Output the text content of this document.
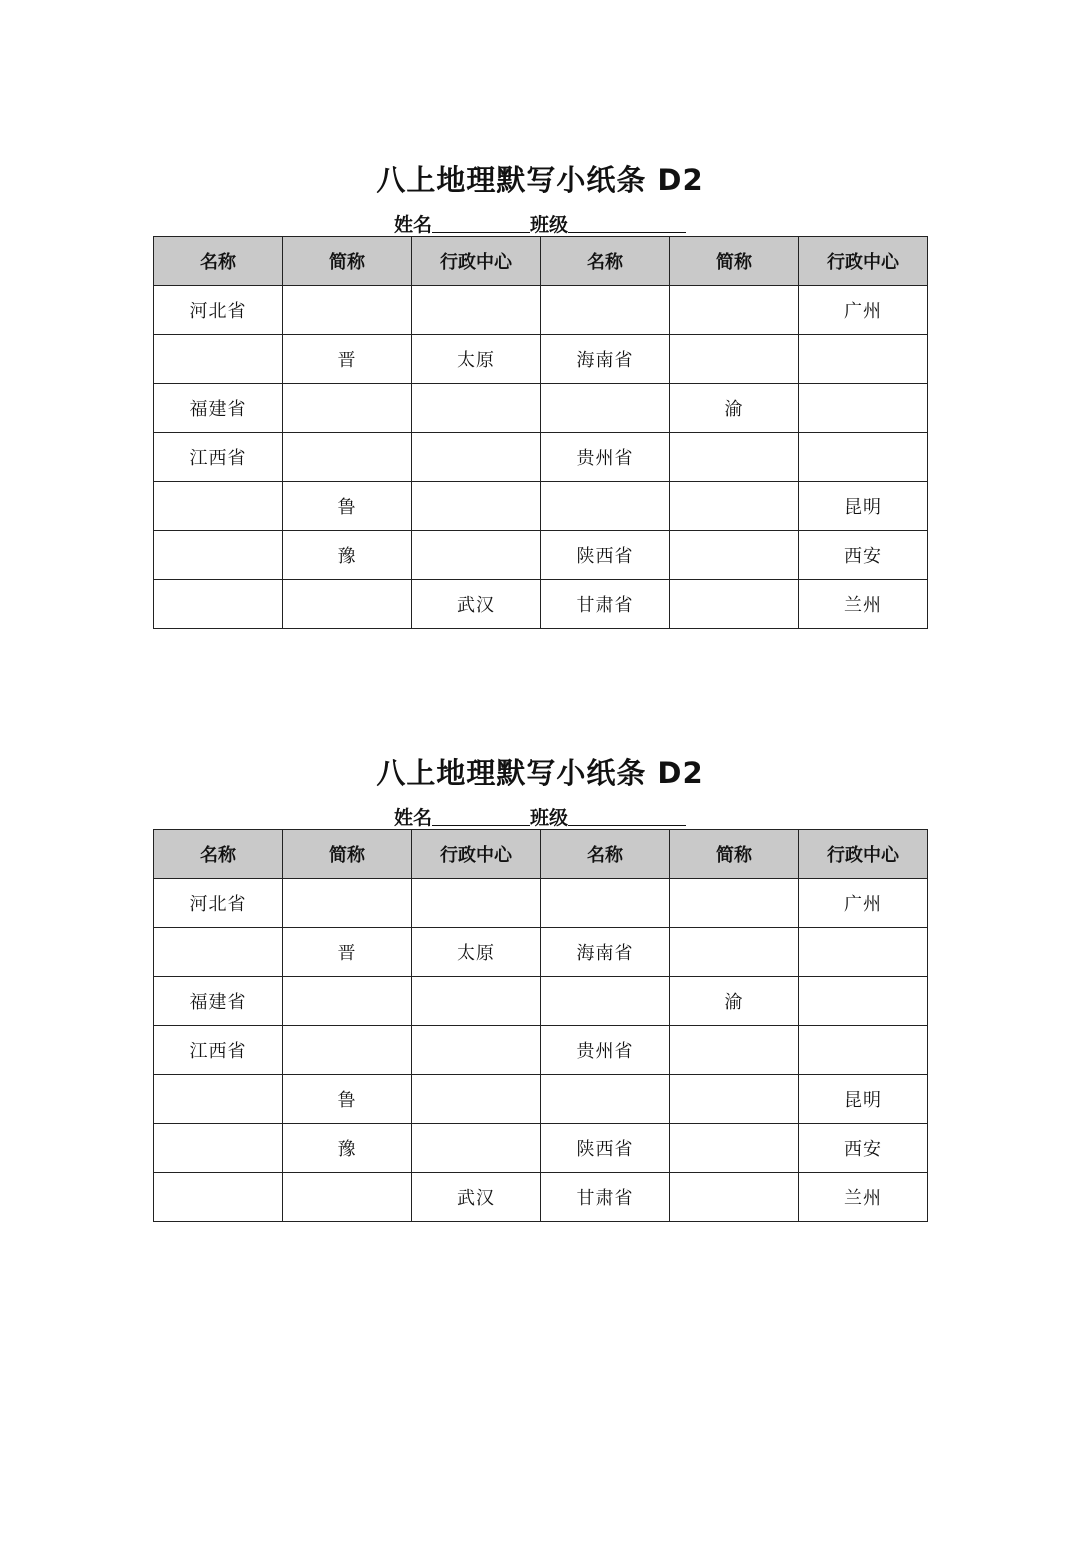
八上地理默写小纸条 D2
姓名	班级
名称	简称	行政中心	名称	简称	行政中心
河北省					广州
	晋	太原	海南省		
福建省				渝	
江西省			贵州省		
	鲁				昆明
	豫		陕西省		西安
		武汉	甘肃省		兰州
八上地理默写小纸条 D2
姓名	班级
名称	简称	行政中心	名称	简称	行政中心
河北省					广州
	晋	太原	海南省		
福建省				渝	
江西省			贵州省		
	鲁				昆明
	豫		陕西省		西安
		武汉	甘肃省		兰州
